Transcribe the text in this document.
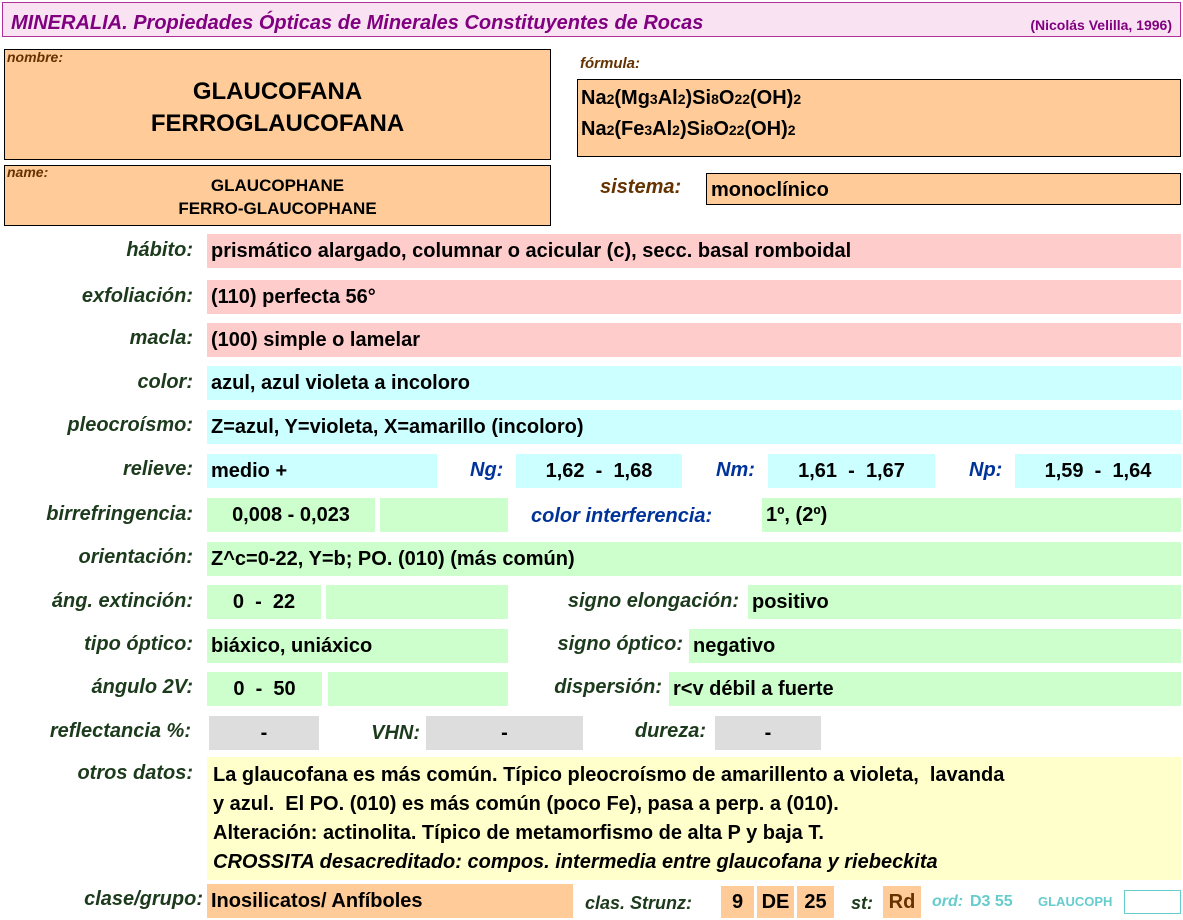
MINERALIA. Propiedades Ópticas de Minerales Constituyentes de Rocas	(Nicolás Velilla, 1996)
nombre:
GLAUCOFANA
FERROGLAUCOFANA
name:
GLAUCOPHANE
FERRO-GLAUCOPHANE
fórmula:
Na2(Mg3Al2)Si8O22(OH)2
Na2(Fe3Al2)Si8O22(OH)2
sistema: monoclínico
hábito: prismático alargado, columnar o acicular (c), secc. basal romboidal
exfoliación: (110) perfecta 56°
macla: (100) simple o lamelar
color: azul, azul violeta a incoloro
pleocroísmo: Z=azul, Y=violeta, X=amarillo (incoloro)
relieve: medio +	Ng:	1,62  -  1,68	Nm:	1,61  -  1,67	Np:	1,59  -  1,64
birrefringencia:	0,008 - 0,023	color interferencia:	1º, (2º)
orientación: Z^c=0-22, Y=b; PO. (010) (más común)
áng. extinción:	0  -  22	signo elongación: positivo
tipo óptico: biáxico, uniáxico	signo óptico: negativo
ángulo 2V:	0  -  50	dispersión: r<v débil a fuerte
reflectancia %:	-	VHN:	-	dureza:	-
otros datos: La glaucofana es más común. Típico pleocroísmo de amarillento a violeta,  lavanda
y azul.  El PO. (010) es más común (poco Fe), pasa a perp. a (010).
Alteración: actinolita. Típico de metamorfismo de alta P y baja T.
CROSSITA desacreditado: compos. intermedia entre glaucofana y riebeckita
clase/grupo: Inosilicatos/ Anfíboles	clas. Strunz:	9 DE 25	st: Rd	ord: D3 55 GLAUCOPH
